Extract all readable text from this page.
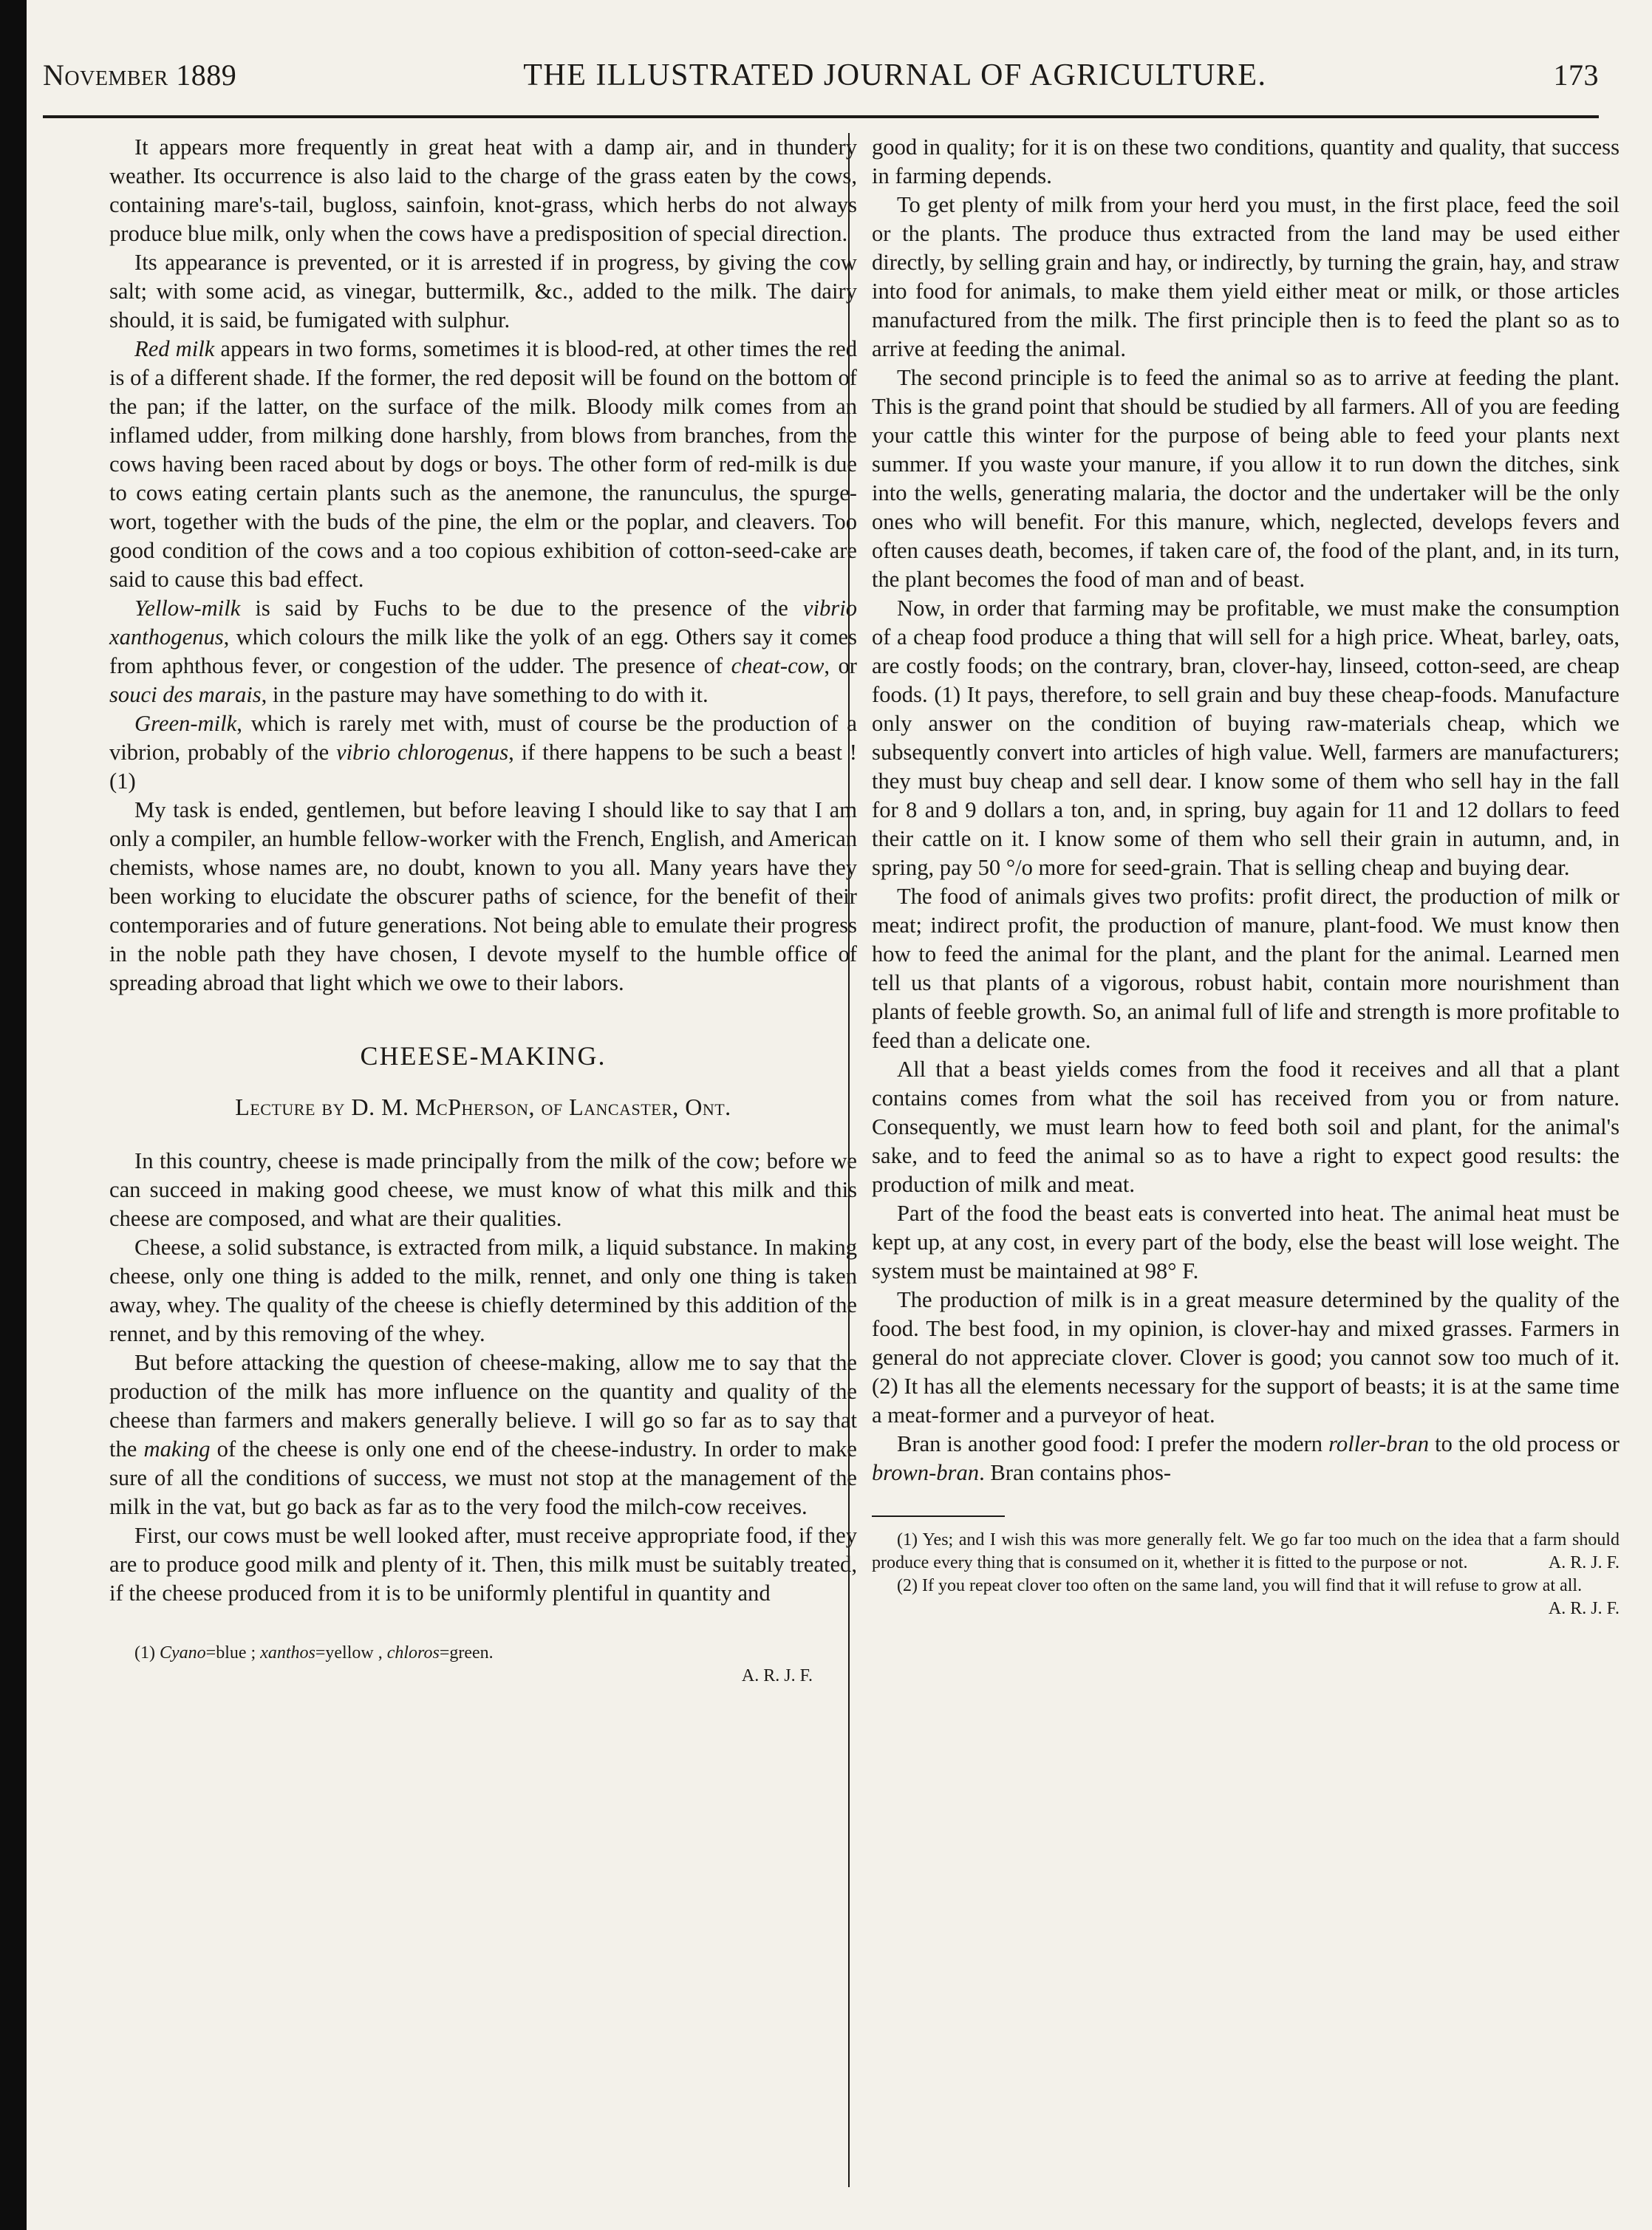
November 1889	THE ILLUSTRATED JOURNAL OF AGRICULTURE.	173

It appears more frequently in great heat with a damp air, and in thundery weather. Its occurrence is also laid to the charge of the grass eaten by the cows, containing mare's-tail, bugloss, sainfoin, knot-grass, which herbs do not always produce blue milk, only when the cows have a predisposition of special direction.

Its appearance is prevented, or it is arrested if in progress, by giving the cow salt; with some acid, as vinegar, buttermilk, &c., added to the milk. The dairy should, it is said, be fumigated with sulphur.

Red milk appears in two forms, sometimes it is blood-red, at other times the red is of a different shade. If the former, the red deposit will be found on the bottom of the pan; if the latter, on the surface of the milk. Bloody milk comes from an inflamed udder, from milking done harshly, from blows from branches, from the cows having been raced about by dogs or boys. The other form of red-milk is due to cows eating certain plants such as the anemone, the ranunculus, the spurge-wort, together with the buds of the pine, the elm or the poplar, and cleavers. Too good condition of the cows and a too copious exhibition of cotton-seed-cake are said to cause this bad effect.

Yellow-milk is said by Fuchs to be due to the presence of the vibrio xanthogenus, which colours the milk like the yolk of an egg. Others say it comes from aphthous fever, or congestion of the udder. The presence of cheat-cow, or souci des marais, in the pasture may have something to do with it.

Green-milk, which is rarely met with, must of course be the production of a vibrion, probably of the vibrio chlorogenus, if there happens to be such a beast ! (1)

My task is ended, gentlemen, but before leaving I should like to say that I am only a compiler, an humble fellow-worker with the French, English, and American chemists, whose names are, no doubt, known to you all. Many years have they been working to elucidate the obscurer paths of science, for the benefit of their contemporaries and of future generations. Not being able to emulate their progress in the noble path they have chosen, I devote myself to the humble office of spreading abroad that light which we owe to their labors.

CHEESE-MAKING.
Lecture by D. M. McPherson, of Lancaster, Ont.

In this country, cheese is made principally from the milk of the cow; before we can succeed in making good cheese, we must know of what this milk and this cheese are composed, and what are their qualities.

Cheese, a solid substance, is extracted from milk, a liquid substance. In making cheese, only one thing is added to the milk, rennet, and only one thing is taken away, whey. The quality of the cheese is chiefly determined by this addition of the rennet, and by this removing of the whey.

But before attacking the question of cheese-making, allow me to say that the production of the milk has more influence on the quantity and quality of the cheese than farmers and makers generally believe. I will go so far as to say that the making of the cheese is only one end of the cheese-industry. In order to make sure of all the conditions of success, we must not stop at the management of the milk in the vat, but go back as far as to the very food the milch-cow receives.

First, our cows must be well looked after, must receive appropriate food, if they are to produce good milk and plenty of it. Then, this milk must be suitably treated, if the cheese produced from it is to be uniformly plentiful in quantity and

(1) Cyano=blue ; xanthos=yellow , chloros=green.
A. R. J. F.

good in quality; for it is on these two conditions, quantity and quality, that success in farming depends.

To get plenty of milk from your herd you must, in the first place, feed the soil or the plants. The produce thus extracted from the land may be used either directly, by selling grain and hay, or indirectly, by turning the grain, hay, and straw into food for animals, to make them yield either meat or milk, or those articles manufactured from the milk. The first principle then is to feed the plant so as to arrive at feeding the animal.

The second principle is to feed the animal so as to arrive at feeding the plant. This is the grand point that should be studied by all farmers. All of you are feeding your cattle this winter for the purpose of being able to feed your plants next summer. If you waste your manure, if you allow it to run down the ditches, sink into the wells, generating malaria, the doctor and the undertaker will be the only ones who will benefit. For this manure, which, neglected, develops fevers and often causes death, becomes, if taken care of, the food of the plant, and, in its turn, the plant becomes the food of man and of beast.

Now, in order that farming may be profitable, we must make the consumption of a cheap food produce a thing that will sell for a high price. Wheat, barley, oats, are costly foods; on the contrary, bran, clover-hay, linseed, cotton-seed, are cheap foods. (1) It pays, therefore, to sell grain and buy these cheap-foods. Manufacture only answer on the condition of buying raw-materials cheap, which we subsequently convert into articles of high value. Well, farmers are manufacturers; they must buy cheap and sell dear. I know some of them who sell hay in the fall for 8 and 9 dollars a ton, and, in spring, buy again for 11 and 12 dollars to feed their cattle on it. I know some of them who sell their grain in autumn, and, in spring, pay 50 °/o more for seed-grain. That is selling cheap and buying dear.

The food of animals gives two profits: profit direct, the production of milk or meat; indirect profit, the production of manure, plant-food. We must know then how to feed the animal for the plant, and the plant for the animal. Learned men tell us that plants of a vigorous, robust habit, contain more nourishment than plants of feeble growth. So, an animal full of life and strength is more profitable to feed than a delicate one.

All that a beast yields comes from the food it receives and all that a plant contains comes from what the soil has received from you or from nature. Consequently, we must learn how to feed both soil and plant, for the animal's sake, and to feed the animal so as to have a right to expect good results: the production of milk and meat.

Part of the food the beast eats is converted into heat. The animal heat must be kept up, at any cost, in every part of the body, else the beast will lose weight. The system must be maintained at 98° F.

The production of milk is in a great measure determined by the quality of the food. The best food, in my opinion, is clover-hay and mixed grasses. Farmers in general do not appreciate clover. Clover is good; you cannot sow too much of it. (2) It has all the elements necessary for the support of beasts; it is at the same time a meat-former and a purveyor of heat.

Bran is another good food: I prefer the modern roller-bran to the old process or brown-bran. Bran contains phos-

(1) Yes; and I wish this was more generally felt. We go far too much on the idea that a farm should produce every thing that is consumed on it, whether it is fitted to the purpose or not.	A. R. J. F.
(2) If you repeat clover too often on the same land, you will find that it will refuse to grow at all.
A. R. J. F.
